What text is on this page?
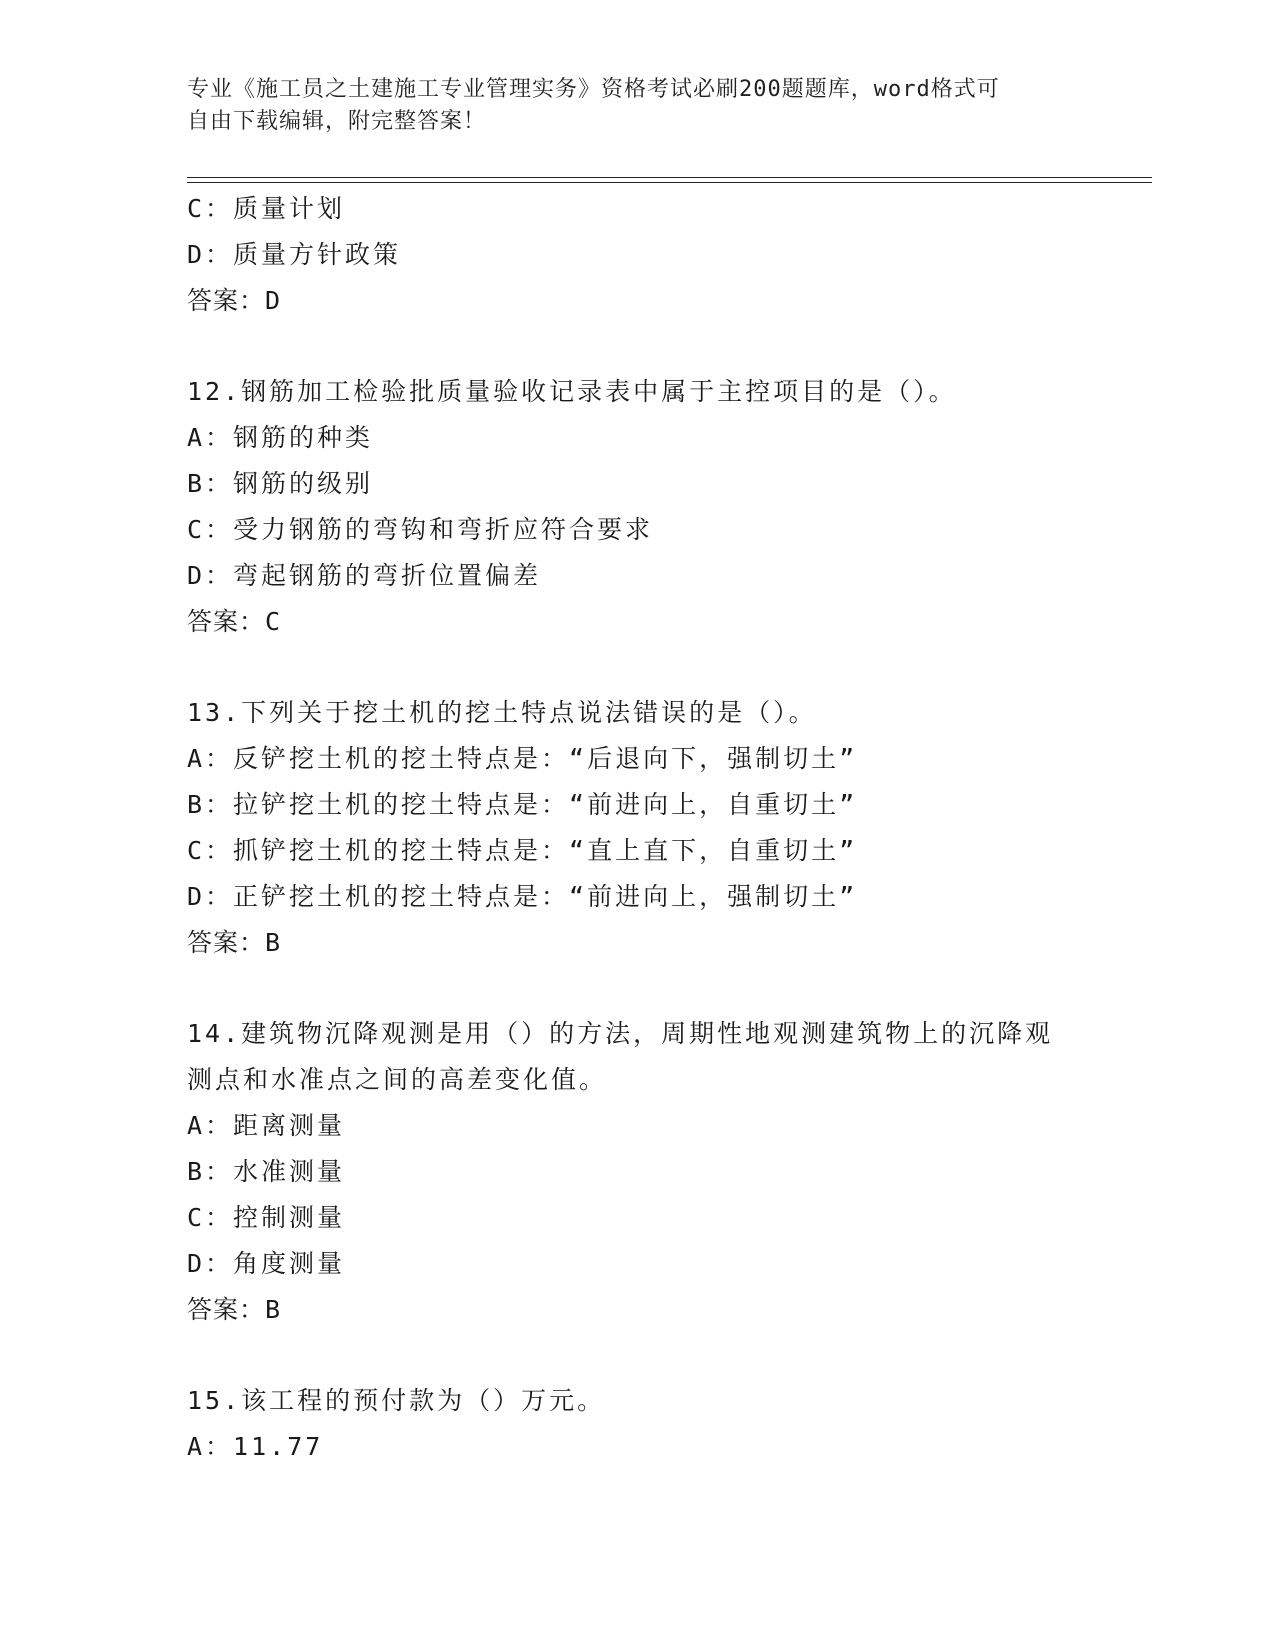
专业《施工员之土建施工专业管理实务》资格考试必刷200题题库，word格式可
自由下载编辑，附完整答案！
C：质量计划
D：质量方针政策
答案：D
12.钢筋加工检验批质量验收记录表中属于主控项目的是（）。
A：钢筋的种类
B：钢筋的级别
C：受力钢筋的弯钩和弯折应符合要求
D：弯起钢筋的弯折位置偏差
答案：C
13.下列关于挖土机的挖土特点说法错误的是（）。
A：反铲挖土机的挖土特点是：“后退向下，强制切土”
B：拉铲挖土机的挖土特点是：“前进向上，自重切土”
C：抓铲挖土机的挖土特点是：“直上直下，自重切土”
D：正铲挖土机的挖土特点是：“前进向上，强制切土”
答案：B
14.建筑物沉降观测是用（）的方法，周期性地观测建筑物上的沉降观
测点和水准点之间的高差变化值。
A：距离测量
B：水准测量
C：控制测量
D：角度测量
答案：B
15.该工程的预付款为（）万元。
A：11.77
